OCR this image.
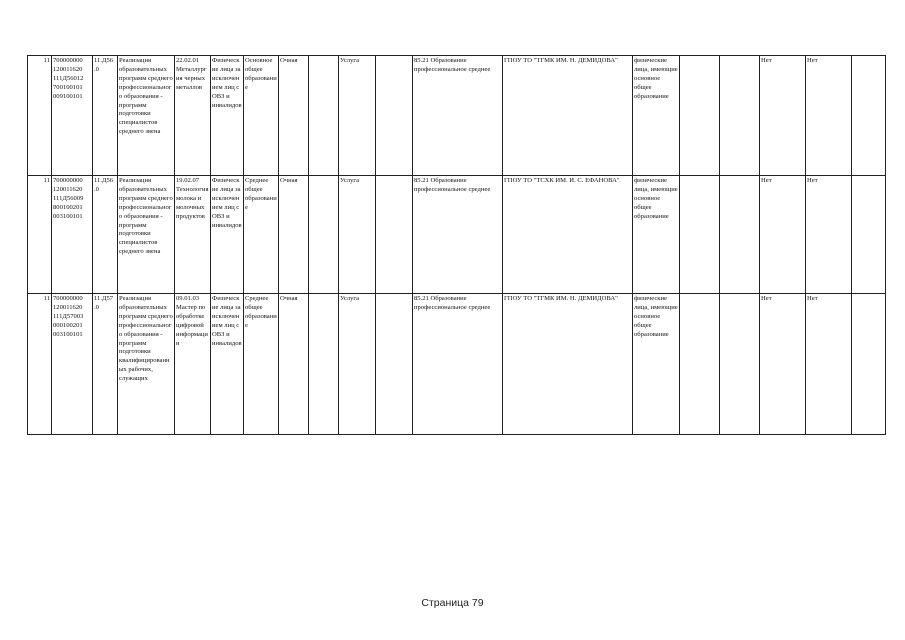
11	700000000 120011620 111Д56012 700100101 009100101	11.Д56 .0	Реализация образовательных программ среднего профессионального образования - программ подготовки специалистов среднего звена	22.02.01 Металлургия черных металлов	Физические лица за исключением лиц с ОВЗ и инвалидов	Основное общее образование	Очная		Услуга		85.21 Образование профессиональное среднее	ГПОУ ТО "ТГМК ИМ. Н. ДЕМИДОВА"	физические лица, имеющие основное общее образование			Нет	Нет	
11	700000000 120011620 111Д56009 800100201 003100101	11.Д56 .0	Реализация образовательных программ среднего профессионального образования - программ подготовки специалистов среднего звена	19.02.07 Технология молока и молочных продуктов	Физические лица за исключением лиц с ОВЗ и инвалидов	Среднее общее образование	Очная		Услуга		85.21 Образование профессиональное среднее	ГПОУ ТО "ТСХК ИМ. И. С. ЕФАНОВА"	физические лица, имеющие основное общее образование			Нет	Нет	
11	700000000 120011620 111Д57003 000100201 003100101	11.Д57 .0	Реализация образовательных программ среднего профессионального образования - программ подготовки квалифицированных рабочих, служащих	09.01.03 Мастер по обработке цифровой информации	Физические лица за исключением лиц с ОВЗ и инвалидов	Среднее общее образование	Очная		Услуга		85.21 Образование профессиональное среднее	ГПОУ ТО "ТГМК ИМ. Н. ДЕМИДОВА"	физические лица, имеющие основное общее образование			Нет	Нет	
Страница 79
